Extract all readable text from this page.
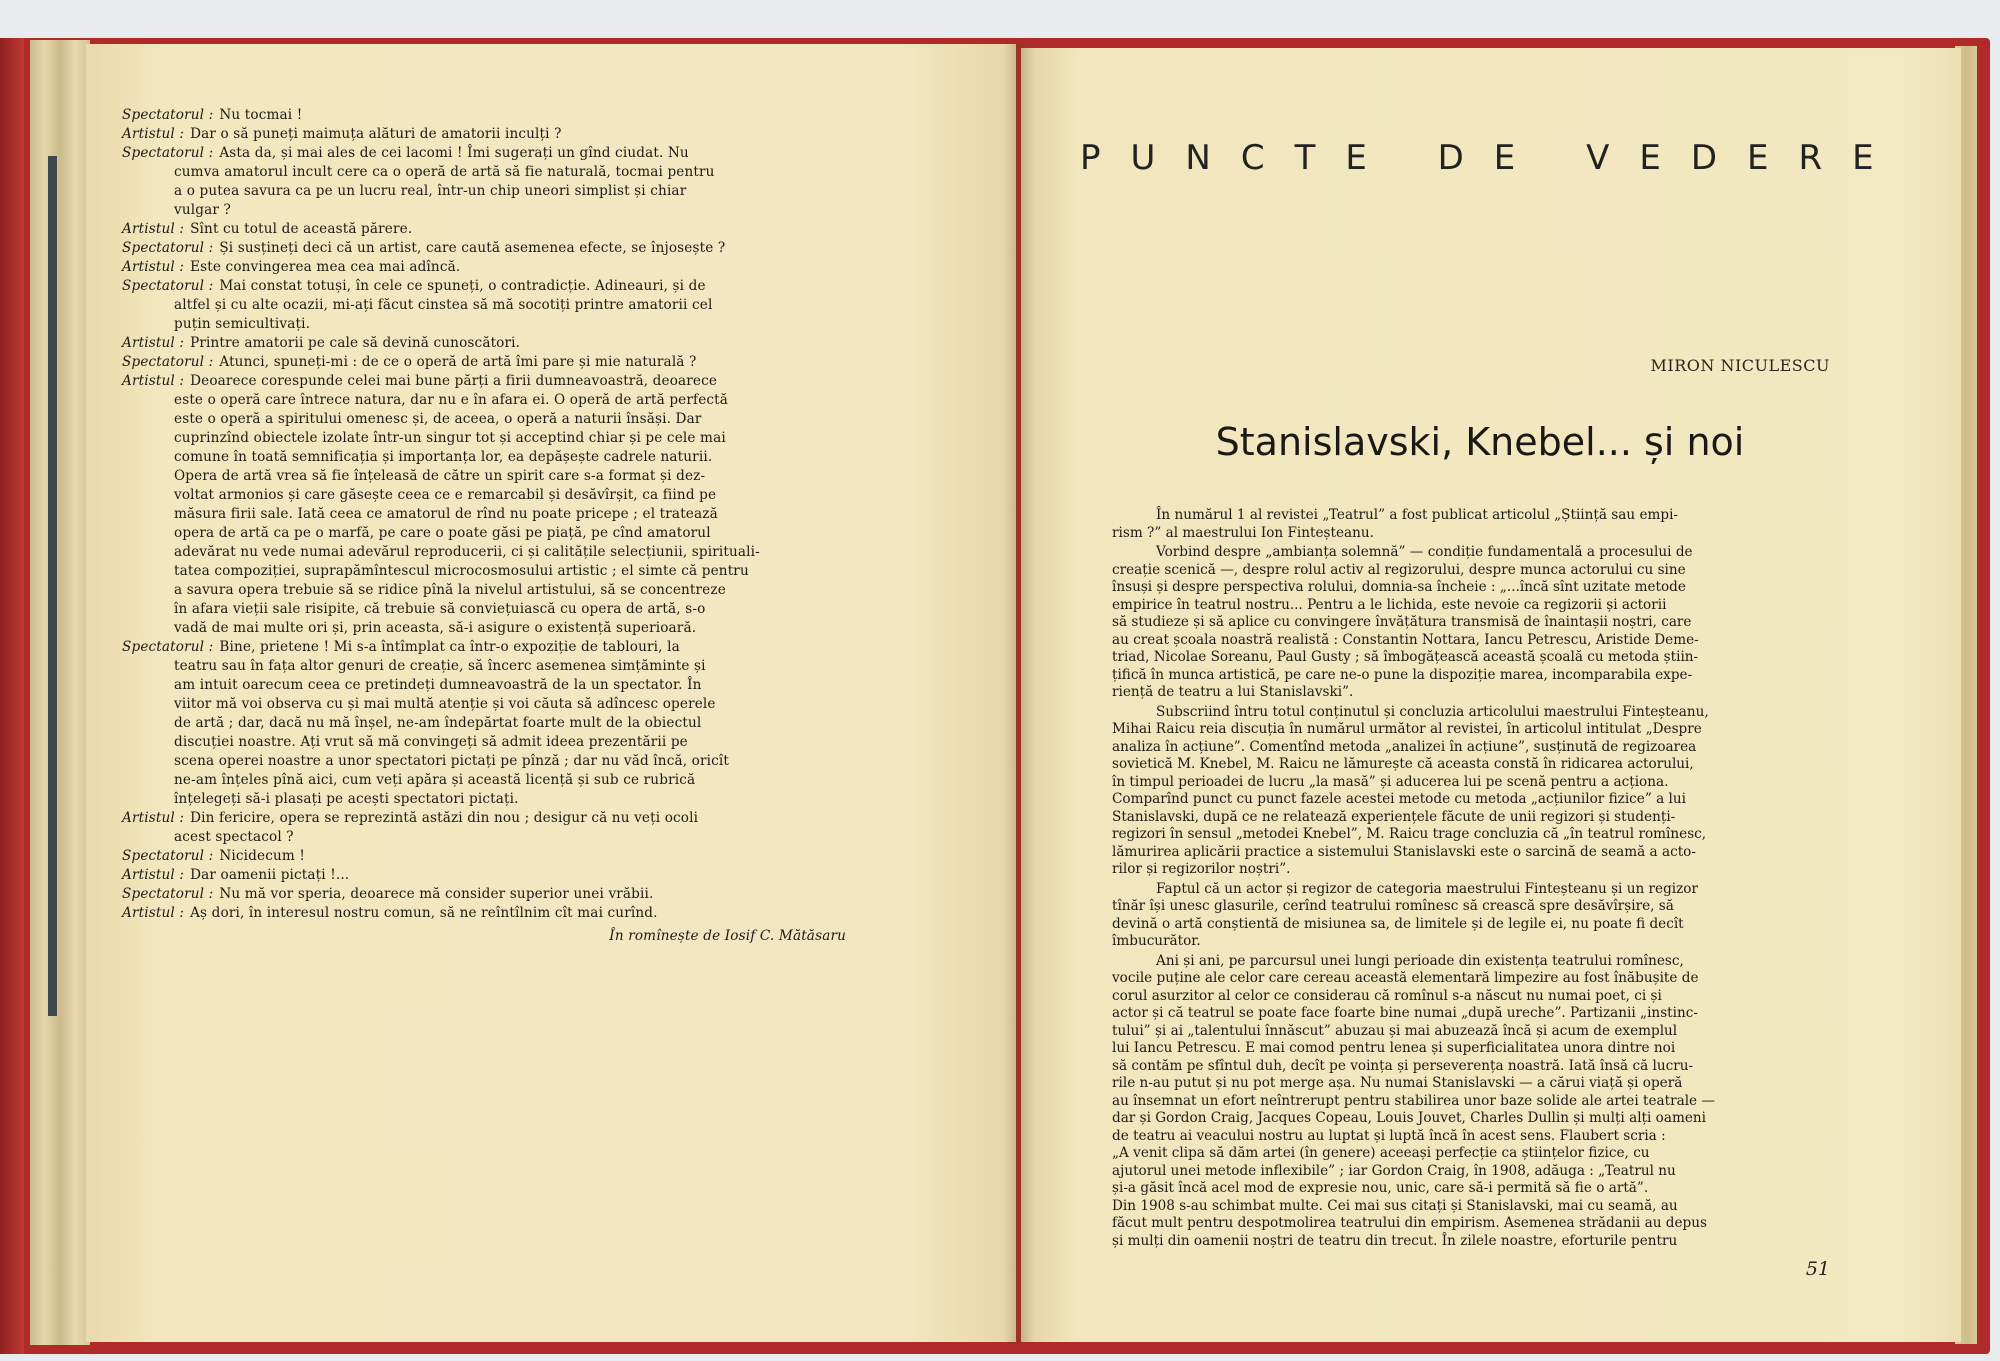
Spectatorul : Nu tocmai !
Artistul : Dar o să puneți maimuța alături de amatorii inculți ?
Spectatorul : Asta da, și mai ales de cei lacomi ! Îmi sugerați un gînd ciudat. Nu
cumva amatorul incult cere ca o operă de artă să fie naturală, tocmai pentru
a o putea savura ca pe un lucru real, într-un chip uneori simplist și chiar
vulgar ?
Artistul : Sînt cu totul de această părere.
Spectatorul : Și susțineți deci că un artist, care caută asemenea efecte, se înjosește ?
Artistul : Este convingerea mea cea mai adîncă.
Spectatorul : Mai constat totuși, în cele ce spuneți, o contradicție. Adineauri, și de
altfel și cu alte ocazii, mi-ați făcut cinstea să mă socotiți printre amatorii cel
puțin semicultivați.
Artistul : Printre amatorii pe cale să devină cunoscători.
Spectatorul : Atunci, spuneți-mi : de ce o operă de artă îmi pare și mie naturală ?
Artistul : Deoarece corespunde celei mai bune părți a firii dumneavoastră, deoarece
este o operă care întrece natura, dar nu e în afara ei. O operă de artă perfectă
este o operă a spiritului omenesc și, de aceea, o operă a naturii însăși. Dar
cuprinzînd obiectele izolate într-un singur tot și acceptind chiar și pe cele mai
comune în toată semnificația și importanța lor, ea depășește cadrele naturii.
Opera de artă vrea să fie înțeleasă de către un spirit care s-a format și dez-
voltat armonios și care găsește ceea ce e remarcabil și desăvîrșit, ca fiind pe
măsura firii sale. Iată ceea ce amatorul de rînd nu poate pricepe ; el tratează
opera de artă ca pe o marfă, pe care o poate găsi pe piață, pe cînd amatorul
adevărat nu vede numai adevărul reproducerii, ci și calitățile selecțiunii, spirituali-
tatea compoziției, suprapămîntescul microcosmosului artistic ; el simte că pentru
a savura opera trebuie să se ridice pînă la nivelul artistului, să se concentreze
în afara vieții sale risipite, că trebuie să conviețuiască cu opera de artă, s-o
vadă de mai multe ori și, prin aceasta, să-i asigure o existență superioară.
Spectatorul : Bine, prietene ! Mi s-a întîmplat ca într-o expoziție de tablouri, la
teatru sau în fața altor genuri de creație, să încerc asemenea simțăminte și
am intuit oarecum ceea ce pretindeți dumneavoastră de la un spectator. În
viitor mă voi observa cu și mai multă atenție și voi căuta să adîncesc operele
de artă ; dar, dacă nu mă înșel, ne-am îndepărtat foarte mult de la obiectul
discuției noastre. Ați vrut să mă convingeți să admit ideea prezentării pe
scena operei noastre a unor spectatori pictați pe pînză ; dar nu văd încă, oricît
ne-am înțeles pînă aici, cum veți apăra și această licență și sub ce rubrică
înțelegeți să-i plasați pe acești spectatori pictați.
Artistul : Din fericire, opera se reprezintă astăzi din nou ; desigur că nu veți ocoli
acest spectacol ?
Spectatorul : Nicidecum !
Artistul : Dar oamenii pictați !...
Spectatorul : Nu mă vor speria, deoarece mă consider superior unei vrăbii.
Artistul : Aș dori, în interesul nostru comun, să ne reîntîlnim cît mai curînd.
În romînește de Iosif C. Mătăsaru
PUNCTE DE VEDERE
MIRON NICULESCU
Stanislavski, Knebel... și noi
În numărul 1 al revistei „Teatrul” a fost publicat articolul „Știință sau empi-
rism ?” al maestrului Ion Finteșteanu.
Vorbind despre „ambianța solemnă” — condiție fundamentală a procesului de
creație scenică —, despre rolul activ al regizorului, despre munca actorului cu sine
însuși și despre perspectiva rolului, domnia-sa încheie : „...încă sînt uzitate metode
empirice în teatrul nostru... Pentru a le lichida, este nevoie ca regizorii și actorii
să studieze și să aplice cu convingere învățătura transmisă de înaintașii noștri, care
au creat școala noastră realistă : Constantin Nottara, Iancu Petrescu, Aristide Deme-
triad, Nicolae Soreanu, Paul Gusty ; să îmbogățească această școală cu metoda știin-
țifică în munca artistică, pe care ne-o pune la dispoziție marea, incomparabila expe-
riență de teatru a lui Stanislavski”.
Subscriind întru totul conținutul și concluzia articolului maestrului Finteșteanu,
Mihai Raicu reia discuția în numărul următor al revistei, în articolul intitulat „Despre
analiza în acțiune”. Comentînd metoda „analizei în acțiune”, susținută de regizoarea
sovietică M. Knebel, M. Raicu ne lămurește că aceasta constă în ridicarea actorului,
în timpul perioadei de lucru „la masă” și aducerea lui pe scenă pentru a acționa.
Comparînd punct cu punct fazele acestei metode cu metoda „acțiunilor fizice” a lui
Stanislavski, după ce ne relatează experiențele făcute de unii regizori și studenți-
regizori în sensul „metodei Knebel”, M. Raicu trage concluzia că „în teatrul romînesc,
lămurirea aplicării practice a sistemului Stanislavski este o sarcină de seamă a acto-
rilor și regizorilor noștri”.
Faptul că un actor și regizor de categoria maestrului Finteșteanu și un regizor
tînăr își unesc glasurile, cerînd teatrului romînesc să crească spre desăvîrșire, să
devină o artă conștientă de misiunea sa, de limitele și de legile ei, nu poate fi decît
îmbucurător.
Ani și ani, pe parcursul unei lungi perioade din existența teatrului romînesc,
vocile puține ale celor care cereau această elementară limpezire au fost înăbușite de
corul asurzitor al celor ce considerau că romînul s-a născut nu numai poet, ci și
actor și că teatrul se poate face foarte bine numai „după ureche”. Partizanii „instinc-
tului” și ai „talentului înnăscut” abuzau și mai abuzează încă și acum de exemplul
lui Iancu Petrescu. E mai comod pentru lenea și superficialitatea unora dintre noi
să contăm pe sfîntul duh, decît pe voința și perseverența noastră. Iată însă că lucru-
rile n-au putut și nu pot merge așa. Nu numai Stanislavski — a cărui viață și operă
au însemnat un efort neîntrerupt pentru stabilirea unor baze solide ale artei teatrale —
dar și Gordon Craig, Jacques Copeau, Louis Jouvet, Charles Dullin și mulți alți oameni
de teatru ai veacului nostru au luptat și luptă încă în acest sens. Flaubert scria :
„A venit clipa să dăm artei (în genere) aceeași perfecție ca științelor fizice, cu
ajutorul unei metode inflexibile” ; iar Gordon Craig, în 1908, adăuga : „Teatrul nu
și-a găsit încă acel mod de expresie nou, unic, care să-i permită să fie o artă”.
Din 1908 s-au schimbat multe. Cei mai sus citați și Stanislavski, mai cu seamă, au
făcut mult pentru despotmolirea teatrului din empirism. Asemenea strădanii au depus
și mulți din oamenii noștri de teatru din trecut. În zilele noastre, eforturile pentru
51
